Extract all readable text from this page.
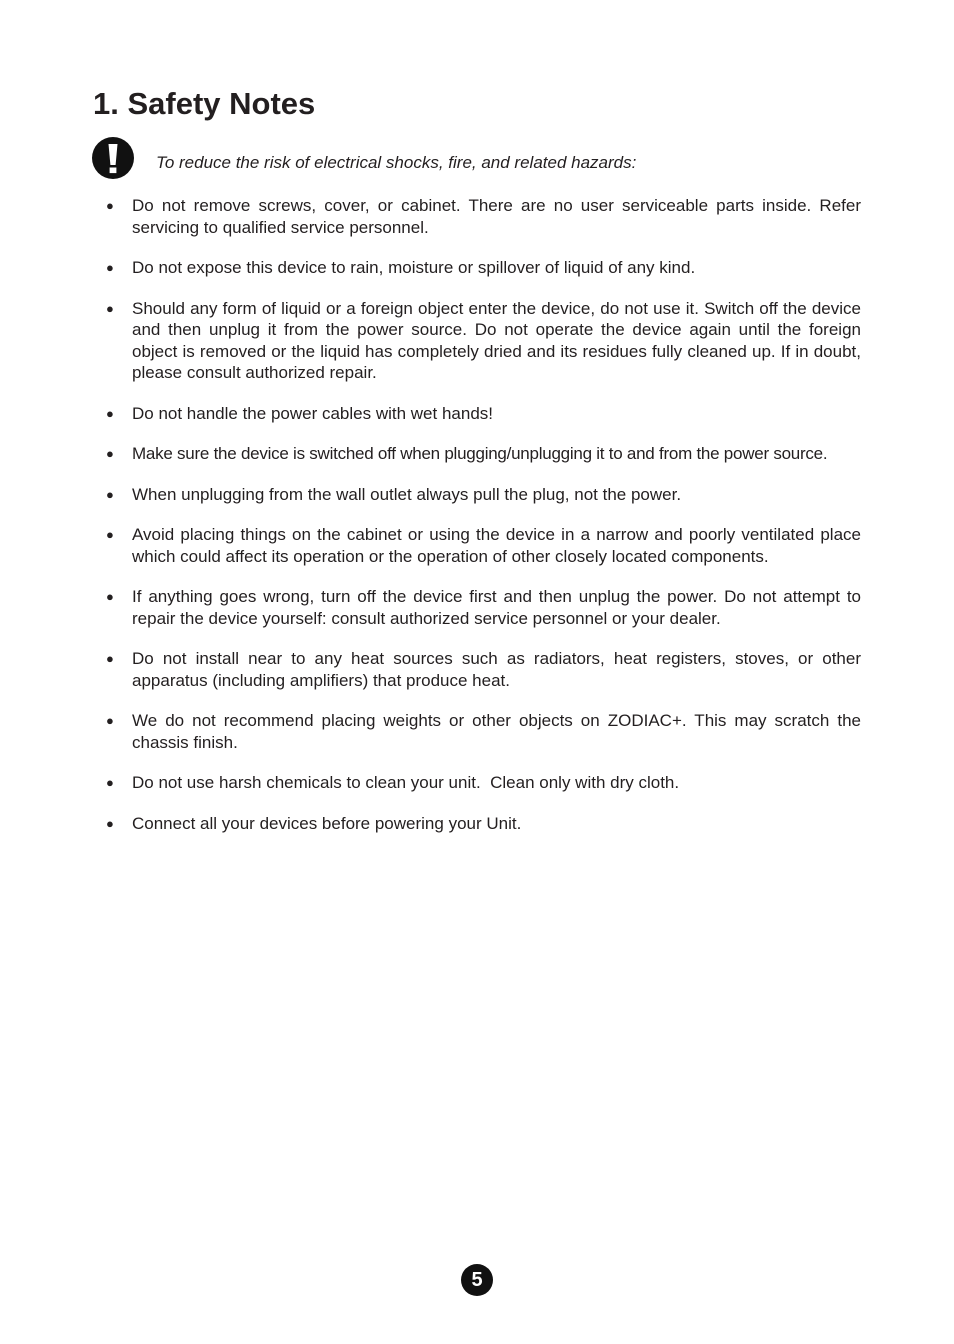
1. Safety Notes
To reduce the risk of electrical shocks, fire, and related hazards:
●	Do not remove screws, cover, or cabinet. There are no user serviceable parts inside. Refer servicing to qualified service personnel.
●	Do not expose this device to rain, moisture or spillover of liquid of any kind.
●	Should any form of liquid or a foreign object enter the device, do not use it. Switch off the device and then unplug it from the power source. Do not operate the device again until the foreign object is removed or the liquid has completely dried and its residues fully cleaned up. If in doubt, please consult authorized repair.
●	Do not handle the power cables with wet hands!
●	Make sure the device is switched off when plugging/unplugging it to and from the power source.
●	When unplugging from the wall outlet always pull the plug, not the power.
●	Avoid placing things on the cabinet or using the device in a narrow and poorly ventilated place which could affect its operation or the operation of other closely located components.
●	If anything goes wrong, turn off the device first and then unplug the power. Do not attempt to repair the device yourself: consult authorized service personnel or your dealer.
●	Do not install near to any heat sources such as radiators, heat registers, stoves, or other apparatus (including amplifiers) that produce heat.
●	We do not recommend placing weights or other objects on ZODIAC+. This may scratch the chassis finish.
●	Do not use harsh chemicals to clean your unit.  Clean only with dry cloth.
●	Connect all your devices before powering your Unit.
5
